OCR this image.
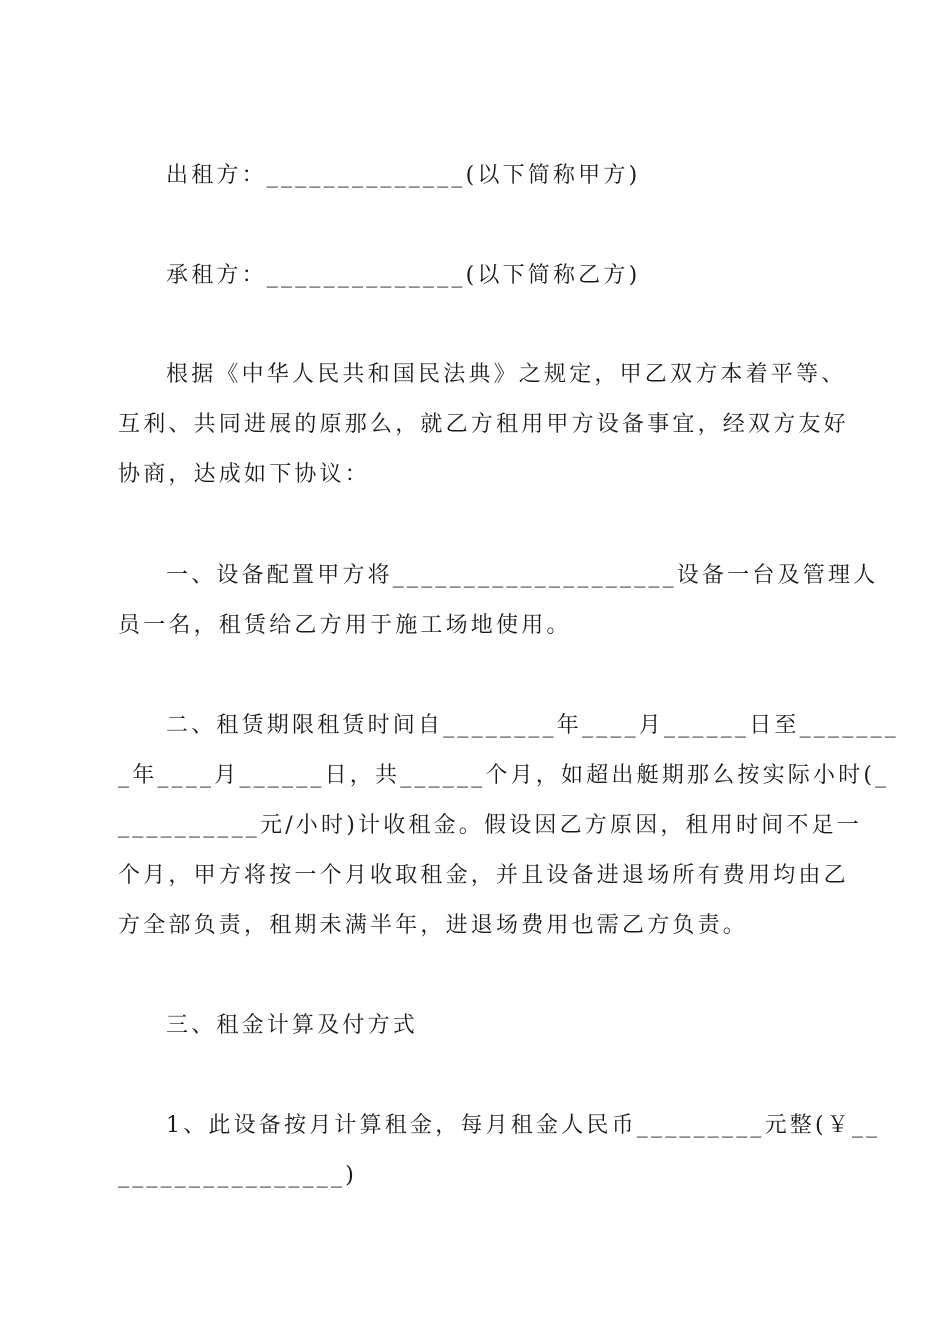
出租方：______________(以下简称甲方)
承租方：______________(以下简称乙方)
根据《中华人民共和国民法典》之规定，甲乙双方本着平等、
互利、共同进展的原那么，就乙方租用甲方设备事宜，经双方友好
协商，达成如下协议：
一、设备配置甲方将____________________设备一台及管理人
员一名，租赁给乙方用于施工场地使用。
二、租赁期限租赁时间自________年____月______日至_______
_年____月______日，共______个月，如超出艇期那么按实际小时(_
__________元/小时)计收租金。假设因乙方原因，租用时间不足一
个月，甲方将按一个月收取租金，并且设备进退场所有费用均由乙
方全部负责，租期未满半年，进退场费用也需乙方负责。
三、租金计算及付方式
1、此设备按月计算租金，每月租金人民币_________元整(￥__
________________)
